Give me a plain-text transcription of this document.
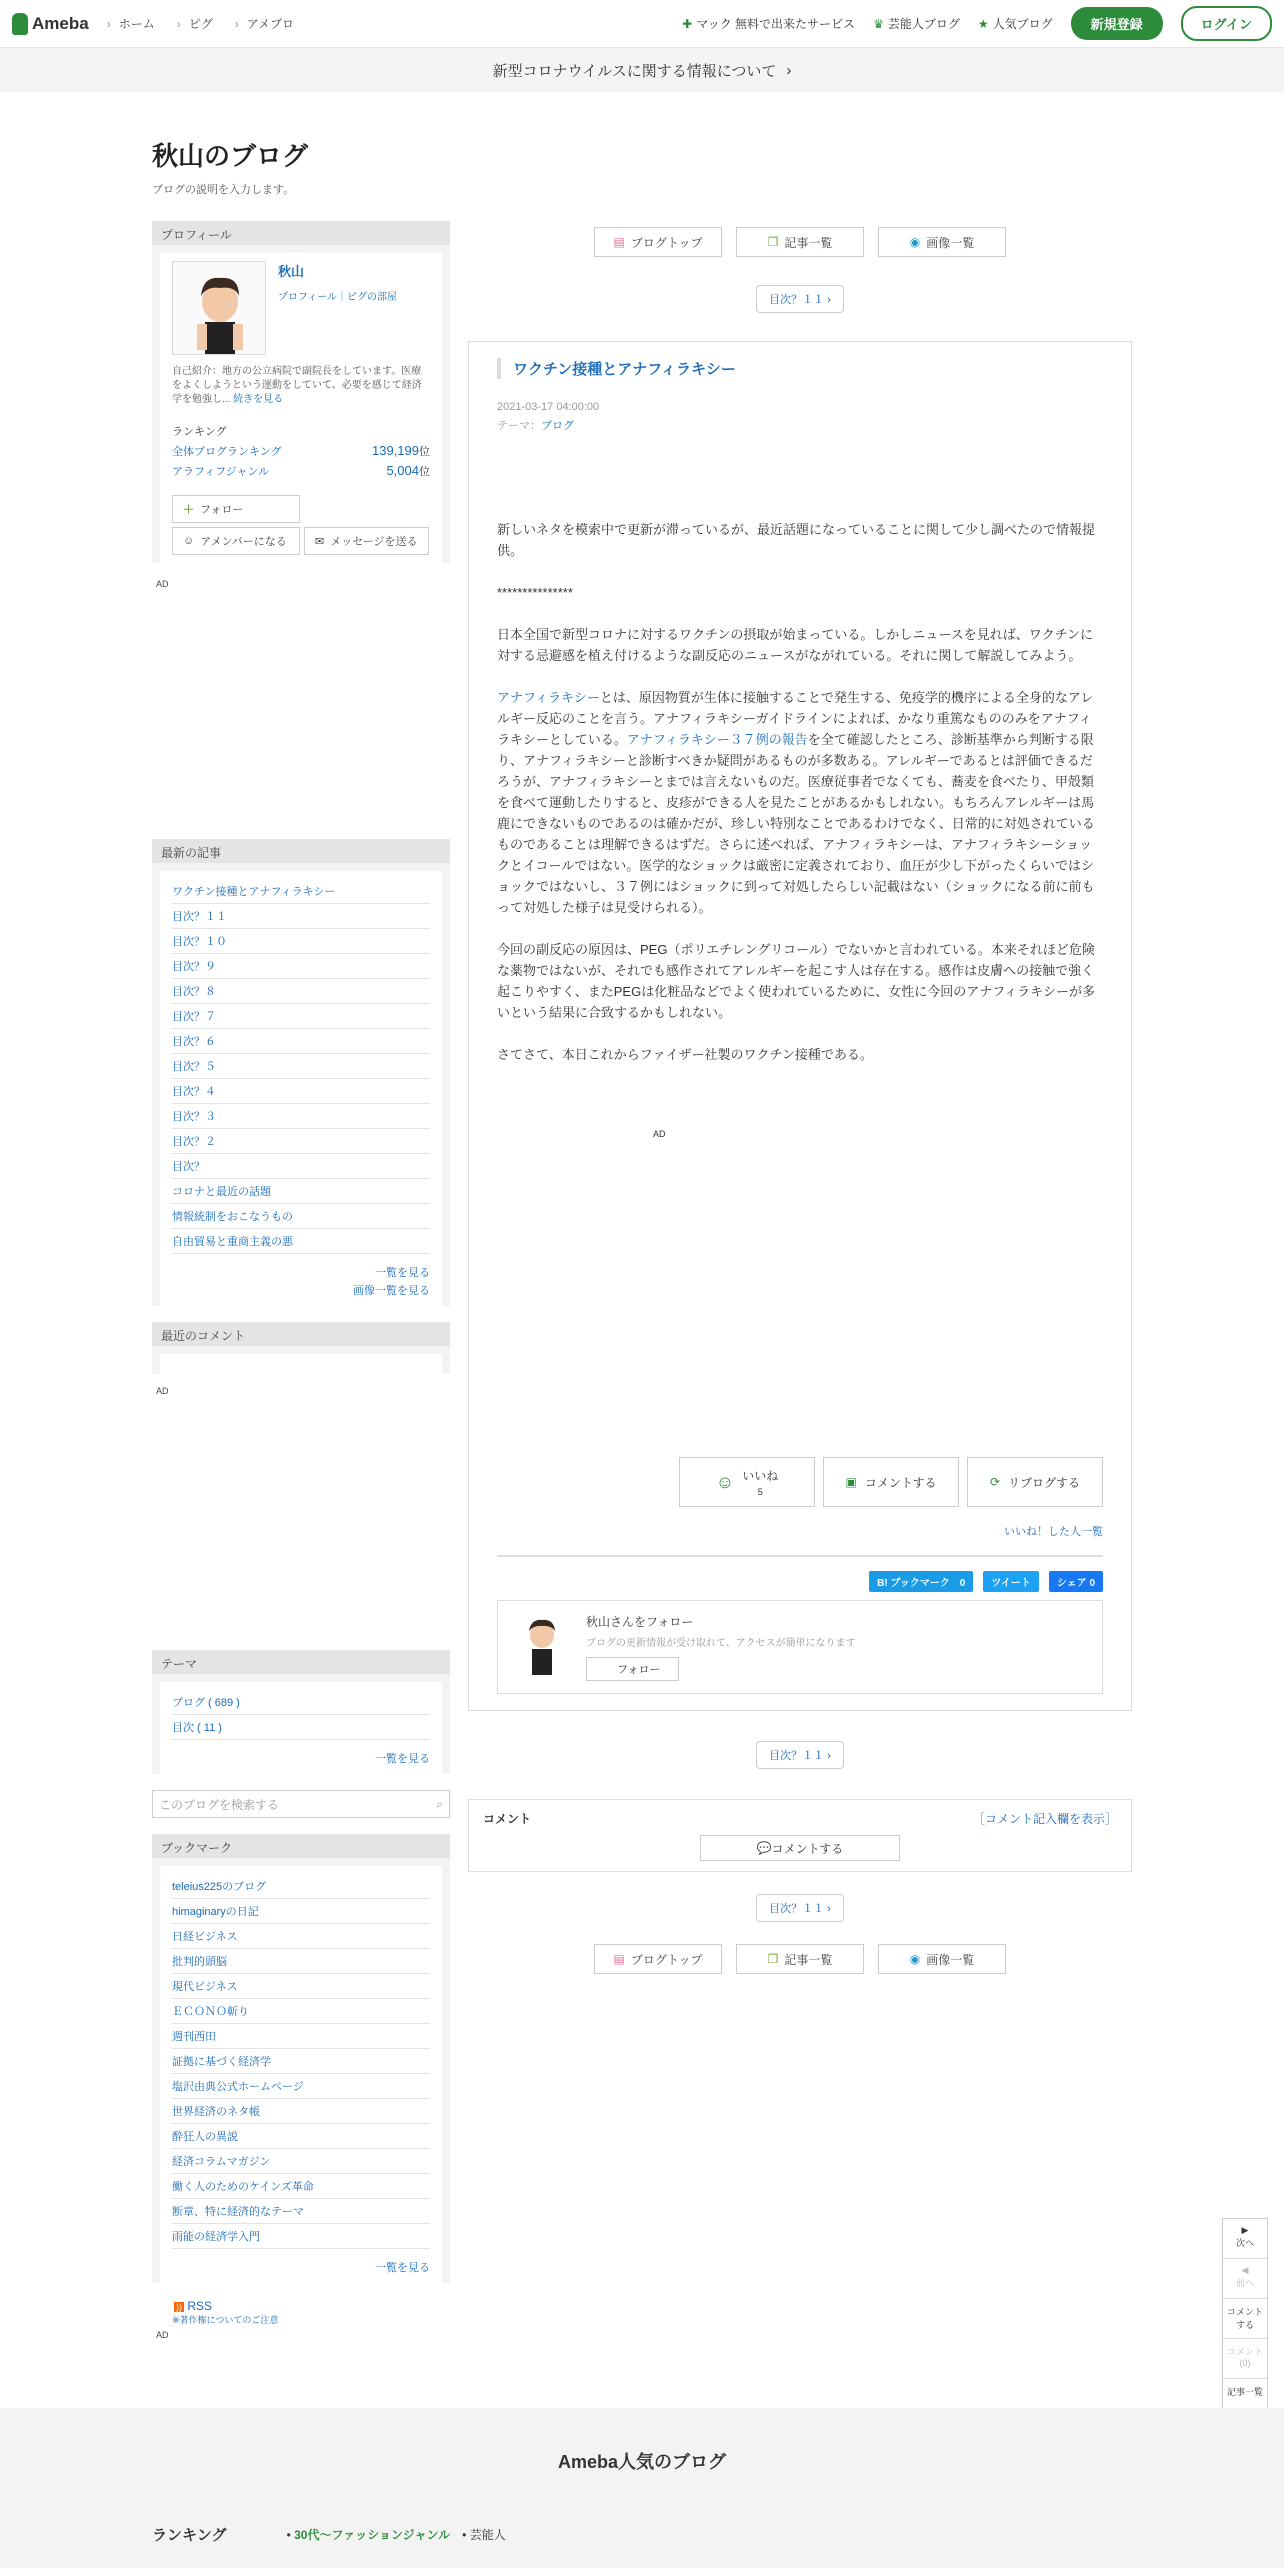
Ameba	› ホーム	› ピグ	› アメブロ	✚ マック 無料で出来たサービス ♛ 芸能人ブログ ★ 人気ブログ	新規登録	ログイン
新型コロナウイルスに関する情報について ›
秋山のブログ
ブログの説明を入力します。
プロフィール
秋山
プロフィール｜ピグの部屋
自己紹介：地方の公立病院で副院長をしています。医療をよくしようという運動をしていて、必要を感じて経済学を勉強し... 続きを見る
ランキング
全体ブログランキング	139,199位
アラフィフジャンル	5,004位
＋ フォロー
☺ アメンバーになる	✉ メッセージを送る
AD
最新の記事
ワクチン接種とアナフィラキシー
目次？１１
目次？１０
目次？９
目次？８
目次？７
目次？６
目次？５
目次？４
目次？３
目次？２
目次？
コロナと最近の話題
情報統制をおこなうもの
自由貿易と重商主義の悪
一覧を見る
画像一覧を見る
最近のコメント
AD
テーマ
ブログ ( 689 )
目次 ( 11 )
一覧を見る
このブログを検索する	⌕
ブックマーク
teleius225のブログ
himaginaryの日記
日経ビジネス
批判的頭脳
現代ビジネス
ＥＣＯＮＯ斬り
週刊西田
証拠に基づく経済学
塩沢由典公式ホームページ
世界経済のネタ帳
酔狂人の異説
経済コラムマガジン
働く人のためのケインズ革命
断章、特に経済的なテーマ
雨能の経済学入門
一覧を見る
)) RSS
※著作権についてのご注意
AD
▤ ブログトップ	❐ 記事一覧	◉ 画像一覧
目次？１１ ›
ワクチン接種とアナフィラキシー
2021-03-17 04:00:00
テーマ：ブログ

新しいネタを模索中で更新が滞っているが、最近話題になっていることに関して少し調べたので情報提供。

***************

日本全国で新型コロナに対するワクチンの摂取が始まっている。しかしニュースを見れば、ワクチンに対する忌避感を植え付けるような副反応のニュースがながれている。それに関して解説してみよう。

アナフィラキシーとは、原因物質が生体に接触することで発生する、免疫学的機序による全身的なアレルギー反応のことを言う。アナフィラキシーガイドラインによれば、かなり重篤なもののみをアナフィラキシーとしている。アナフィラキシー３７例の報告を全て確認したところ、診断基準から判断する限り、アナフィラキシーと診断すべきか疑問があるものが多数ある。アレルギーであるとは評価できるだろうが、アナフィラキシーとまでは言えないものだ。医療従事者でなくても、蕎麦を食べたり、甲殻類を食べて運動したりすると、皮疹ができる人を見たことがあるかもしれない。もちろんアレルギーは馬鹿にできないものであるのは確かだが、珍しい特別なことであるわけでなく、日常的に対処されているものであることは理解できるはずだ。さらに述べれば、アナフィラキシーは、アナフィラキシーショックとイコールではない。医学的なショックは厳密に定義されており、血圧が少し下がったくらいではショックではないし、３７例にはショックに到って対処したらしい記載はない（ショックになる前に前もって対処した様子は見受けられる）。

今回の副反応の原因は、PEG（ポリエチレングリコール）でないかと言われている。本来それほど危険な薬物ではないが、それでも感作されてアレルギーを起こす人は存在する。感作は皮膚への接触で強く起こりやすく、またPEGは化粧品などでよく使われているために、女性に今回のアナフィラキシーが多いという結果に合致するかもしれない。

さてさて、本日これからファイザー社製のワクチン接種である。

AD
☺ いいね
5
▣ コメントする	⟳ リブログする
いいね！した人一覧
B! ブックマーク　0	ツイート	シェア 0
秋山さんをフォロー
ブログの更新情報が受け取れて、アクセスが簡単になります
フォロー
目次？１１ ›
コメント	［コメント記入欄を表示］
💬 コメントする
目次？１１ ›
▤ ブログトップ	❐ 記事一覧	◉ 画像一覧
▶
次へ
◀
前へ
コメントする
コメント(0)
記事一覧

Ameba人気のブログ
ランキング	• 30代〜ファッションジャンル　• 芸能人
